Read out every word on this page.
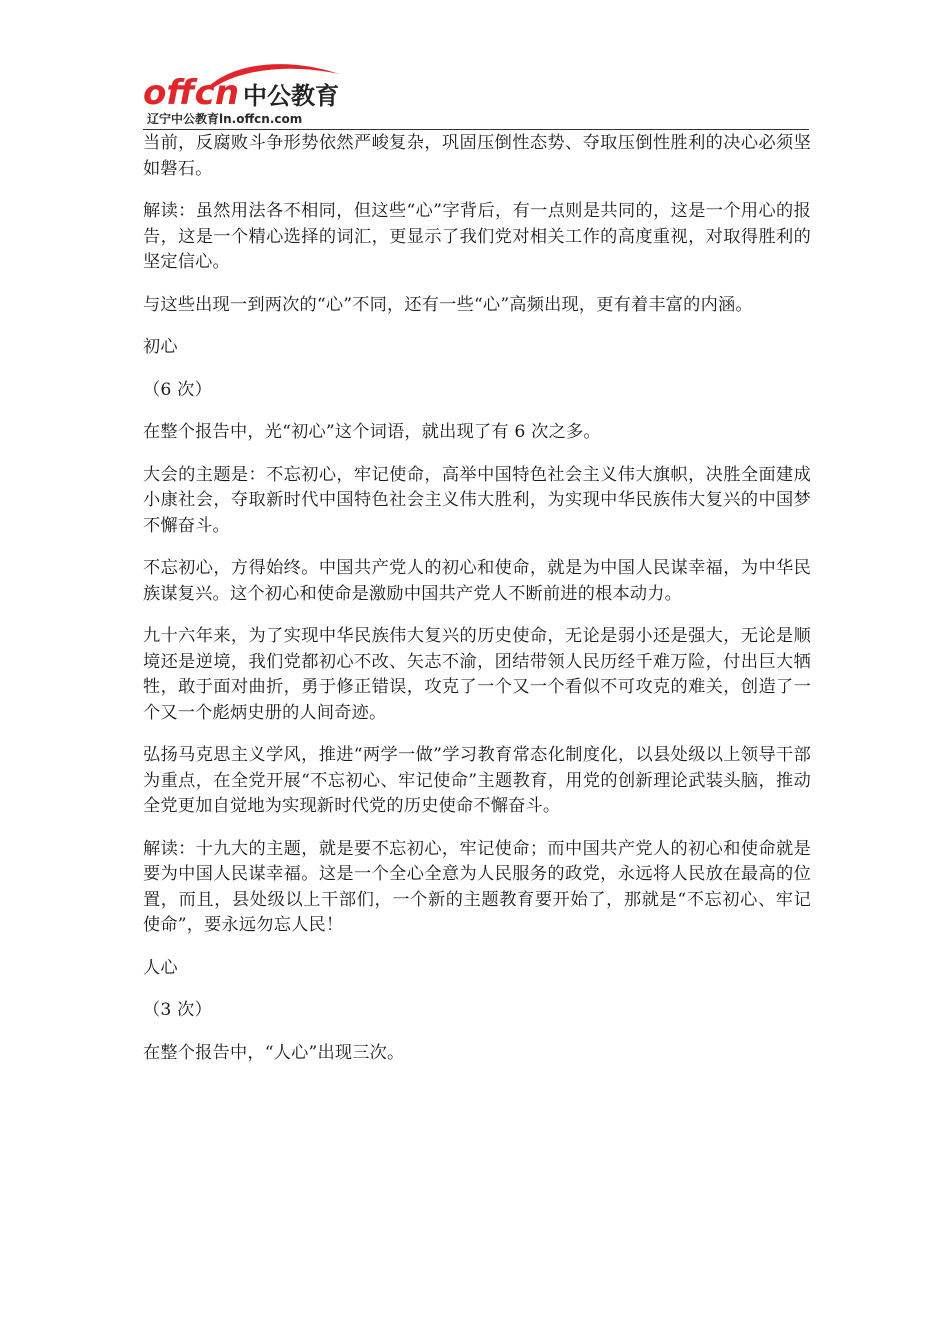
offcn 中公教育
辽宁中公教育ln.offcn.com

当前，反腐败斗争形势依然严峻复杂，巩固压倒性态势、夺取压倒性胜利的决心必须坚如磐石。

解读：虽然用法各不相同，但这些“心”字背后，有一点则是共同的，这是一个用心的报告，这是一个精心选择的词汇，更显示了我们党对相关工作的高度重视，对取得胜利的坚定信心。

与这些出现一到两次的“心”不同，还有一些“心”高频出现，更有着丰富的内涵。

初心

（6 次）

在整个报告中，光“初心”这个词语，就出现了有 6 次之多。

大会的主题是：不忘初心，牢记使命，高举中国特色社会主义伟大旗帜，决胜全面建成小康社会，夺取新时代中国特色社会主义伟大胜利，为实现中华民族伟大复兴的中国梦不懈奋斗。

不忘初心，方得始终。中国共产党人的初心和使命，就是为中国人民谋幸福，为中华民族谋复兴。这个初心和使命是激励中国共产党人不断前进的根本动力。

九十六年来，为了实现中华民族伟大复兴的历史使命，无论是弱小还是强大，无论是顺境还是逆境，我们党都初心不改、矢志不渝，团结带领人民历经千难万险，付出巨大牺牲，敢于面对曲折，勇于修正错误，攻克了一个又一个看似不可攻克的难关，创造了一个又一个彪炳史册的人间奇迹。

弘扬马克思主义学风，推进“两学一做”学习教育常态化制度化，以县处级以上领导干部为重点，在全党开展“不忘初心、牢记使命”主题教育，用党的创新理论武装头脑，推动全党更加自觉地为实现新时代党的历史使命不懈奋斗。

解读：十九大的主题，就是要不忘初心，牢记使命；而中国共产党人的初心和使命就是要为中国人民谋幸福。这是一个全心全意为人民服务的政党，永远将人民放在最高的位置，而且，县处级以上干部们，一个新的主题教育要开始了，那就是“不忘初心、牢记使命”，要永远勿忘人民！

人心

（3 次）

在整个报告中，“人心”出现三次。
